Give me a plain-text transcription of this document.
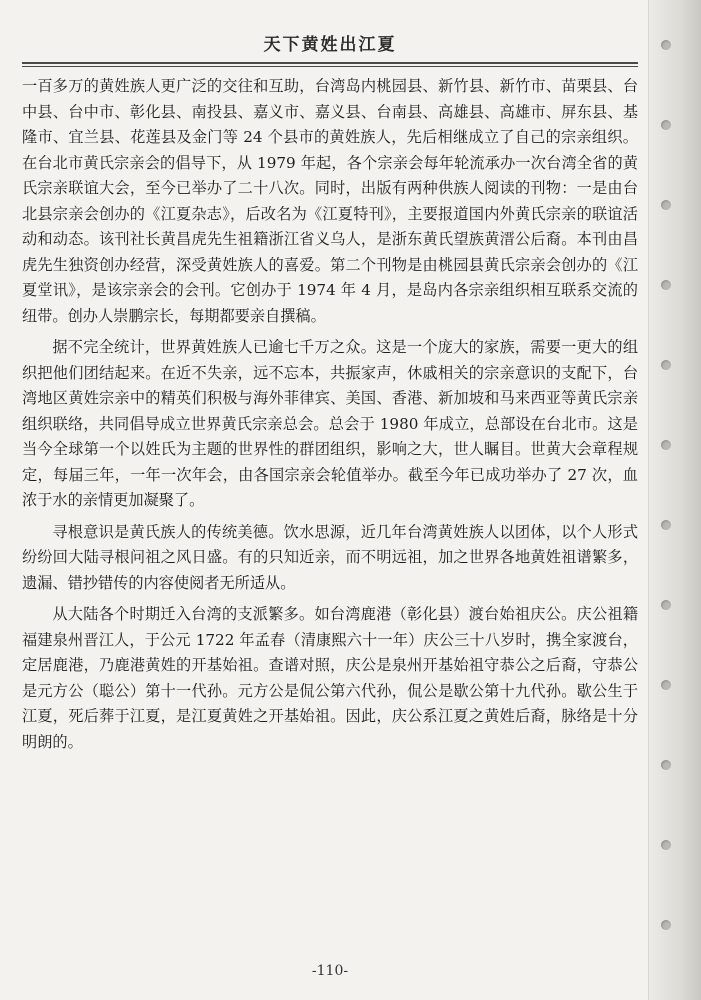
天下黄姓出江夏

一百多万的黄姓族人更广泛的交往和互助，台湾岛内桃园县、新竹县、新竹市、苗栗县、台中县、台中市、彰化县、南投县、嘉义市、嘉义县、台南县、高雄县、高雄市、屏东县、基隆市、宜兰县、花莲县及金门等 24 个县市的黄姓族人，先后相继成立了自己的宗亲组织。在台北市黄氏宗亲会的倡导下，从 1979 年起，各个宗亲会每年轮流承办一次台湾全省的黄氏宗亲联谊大会，至今已举办了二十八次。同时，出版有两种供族人阅读的刊物：一是由台北县宗亲会创办的《江夏杂志》，后改名为《江夏特刊》，主要报道国内外黄氏宗亲的联谊活动和动态。该刊社长黄昌虎先生祖籍浙江省义乌人，是浙东黄氏望族黄溍公后裔。本刊由昌虎先生独资创办经营，深受黄姓族人的喜爱。第二个刊物是由桃园县黄氏宗亲会创办的《江夏堂讯》，是该宗亲会的会刊。它创办于 1974 年 4 月，是岛内各宗亲组织相互联系交流的纽带。创办人崇鹏宗长，每期都要亲自撰稿。

据不完全统计，世界黄姓族人已逾七千万之众。这是一个庞大的家族，需要一更大的组织把他们团结起来。在近不失亲，远不忘本，共振家声，休戚相关的宗亲意识的支配下，台湾地区黄姓宗亲中的精英们积极与海外菲律宾、美国、香港、新加坡和马来西亚等黄氏宗亲组织联络，共同倡导成立世界黄氏宗亲总会。总会于 1980 年成立，总部设在台北市。这是当今全球第一个以姓氏为主题的世界性的群团组织，影响之大，世人瞩目。世黄大会章程规定，每届三年，一年一次年会，由各国宗亲会轮值举办。截至今年已成功举办了 27 次，血浓于水的亲情更加凝聚了。

寻根意识是黄氏族人的传统美德。饮水思源，近几年台湾黄姓族人以团体，以个人形式纷纷回大陆寻根问祖之风日盛。有的只知近亲，而不明远祖，加之世界各地黄姓祖谱繁多，遗漏、错抄错传的内容使阅者无所适从。

从大陆各个时期迁入台湾的支派繁多。如台湾鹿港（彰化县）渡台始祖庆公。庆公祖籍福建泉州晋江人，于公元 1722 年孟春（清康熙六十一年）庆公三十八岁时，携全家渡台，定居鹿港，乃鹿港黄姓的开基始祖。查谱对照，庆公是泉州开基始祖守恭公之后裔，守恭公是元方公（聪公）第十一代孙。元方公是侃公第六代孙，侃公是歇公第十九代孙。歇公生于江夏，死后葬于江夏，是江夏黄姓之开基始祖。因此，庆公系江夏之黄姓后裔，脉络是十分明朗的。

-110-
